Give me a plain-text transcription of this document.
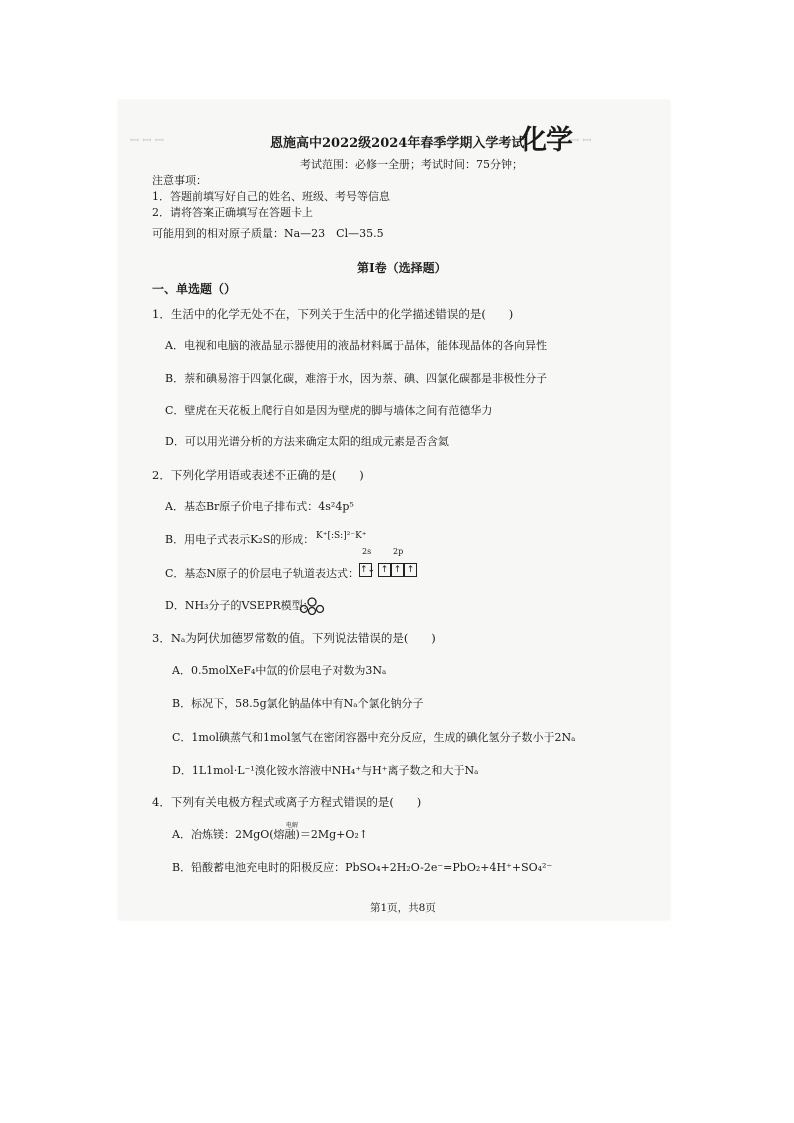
ꟷ ꟷ ꟷ	ꟷ ꟷ
恩施高中2022级2024年春季学期入学考试
化学
考试范围：必修一全册；考试时间：75分钟；
注意事项：
1．答题前填写好自己的姓名、班级、考号等信息
2．请将答案正确填写在答题卡上
可能用到的相对原子质量：Na—23　Cl—35.5
第Ⅰ卷（选择题）
一、单选题（）
1．生活中的化学无处不在，下列关于生活中的化学描述错误的是(　　)
A．电视和电脑的液晶显示器使用的液晶材料属于晶体，能体现晶体的各向异性
B．萘和碘易溶于四氯化碳，难溶于水，因为萘、碘、四氯化碳都是非极性分子
C．壁虎在天花板上爬行自如是因为壁虎的脚与墙体之间有范德华力
D．可以用光谱分析的方法来确定太阳的组成元素是否含氦
2．下列化学用语或表述不正确的是(　　)
A．基态Br原子价电子排布式：4s²4p⁵
B．用电子式表示K₂S的形成： K⁺[:S:]²⁻K⁺
C．基态N原子的价层电子轨道表达式：
2s	2p
↑↓ ↑ ↑ ↑
D．NH₃分子的VSEPR模型：
3．Nₐ为阿伏加德罗常数的值。下列说法错误的是(　　)
A．0.5molXeF₄中氙的价层电子对数为3Nₐ
B．标况下，58.5g氯化钠晶体中有Nₐ个氯化钠分子
C．1mol碘蒸气和1mol氢气在密闭容器中充分反应，生成的碘化氢分子数小于2Nₐ
D．1L1mol·L⁻¹溴化铵水溶液中NH₄⁺与H⁺离子数之和大于Nₐ
4．下列有关电极方程式或离子方程式错误的是(　　)
A．冶炼镁：2MgO(熔融)＝2Mg+O₂↑
电解
B．铅酸蓄电池充电时的阳极反应：PbSO₄+2H₂O-2e⁻=PbO₂+4H⁺+SO₄²⁻
第1页，共8页
